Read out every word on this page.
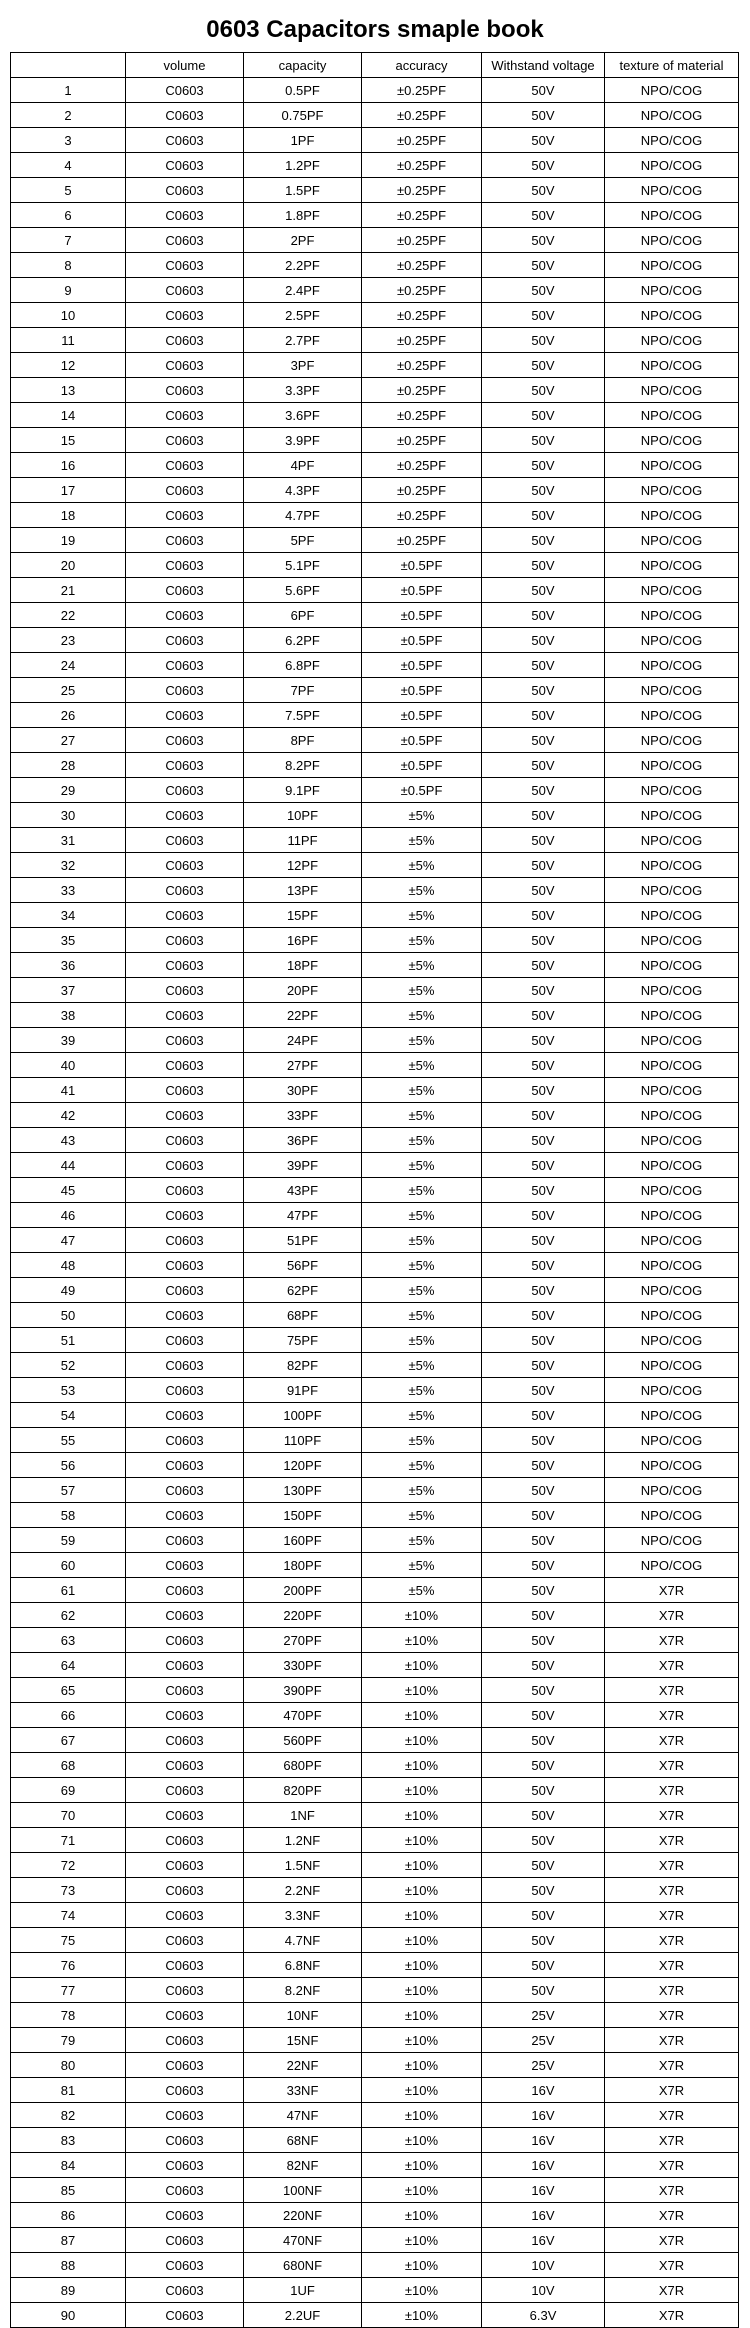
0603 Capacitors smaple book
	volume	capacity	accuracy	Withstand voltage	texture of material
1	C0603	0.5PF	±0.25PF	50V	NPO/COG
2	C0603	0.75PF	±0.25PF	50V	NPO/COG
3	C0603	1PF	±0.25PF	50V	NPO/COG
4	C0603	1.2PF	±0.25PF	50V	NPO/COG
5	C0603	1.5PF	±0.25PF	50V	NPO/COG
6	C0603	1.8PF	±0.25PF	50V	NPO/COG
7	C0603	2PF	±0.25PF	50V	NPO/COG
8	C0603	2.2PF	±0.25PF	50V	NPO/COG
9	C0603	2.4PF	±0.25PF	50V	NPO/COG
10	C0603	2.5PF	±0.25PF	50V	NPO/COG
11	C0603	2.7PF	±0.25PF	50V	NPO/COG
12	C0603	3PF	±0.25PF	50V	NPO/COG
13	C0603	3.3PF	±0.25PF	50V	NPO/COG
14	C0603	3.6PF	±0.25PF	50V	NPO/COG
15	C0603	3.9PF	±0.25PF	50V	NPO/COG
16	C0603	4PF	±0.25PF	50V	NPO/COG
17	C0603	4.3PF	±0.25PF	50V	NPO/COG
18	C0603	4.7PF	±0.25PF	50V	NPO/COG
19	C0603	5PF	±0.25PF	50V	NPO/COG
20	C0603	5.1PF	±0.5PF	50V	NPO/COG
21	C0603	5.6PF	±0.5PF	50V	NPO/COG
22	C0603	6PF	±0.5PF	50V	NPO/COG
23	C0603	6.2PF	±0.5PF	50V	NPO/COG
24	C0603	6.8PF	±0.5PF	50V	NPO/COG
25	C0603	7PF	±0.5PF	50V	NPO/COG
26	C0603	7.5PF	±0.5PF	50V	NPO/COG
27	C0603	8PF	±0.5PF	50V	NPO/COG
28	C0603	8.2PF	±0.5PF	50V	NPO/COG
29	C0603	9.1PF	±0.5PF	50V	NPO/COG
30	C0603	10PF	±5%	50V	NPO/COG
31	C0603	11PF	±5%	50V	NPO/COG
32	C0603	12PF	±5%	50V	NPO/COG
33	C0603	13PF	±5%	50V	NPO/COG
34	C0603	15PF	±5%	50V	NPO/COG
35	C0603	16PF	±5%	50V	NPO/COG
36	C0603	18PF	±5%	50V	NPO/COG
37	C0603	20PF	±5%	50V	NPO/COG
38	C0603	22PF	±5%	50V	NPO/COG
39	C0603	24PF	±5%	50V	NPO/COG
40	C0603	27PF	±5%	50V	NPO/COG
41	C0603	30PF	±5%	50V	NPO/COG
42	C0603	33PF	±5%	50V	NPO/COG
43	C0603	36PF	±5%	50V	NPO/COG
44	C0603	39PF	±5%	50V	NPO/COG
45	C0603	43PF	±5%	50V	NPO/COG
46	C0603	47PF	±5%	50V	NPO/COG
47	C0603	51PF	±5%	50V	NPO/COG
48	C0603	56PF	±5%	50V	NPO/COG
49	C0603	62PF	±5%	50V	NPO/COG
50	C0603	68PF	±5%	50V	NPO/COG
51	C0603	75PF	±5%	50V	NPO/COG
52	C0603	82PF	±5%	50V	NPO/COG
53	C0603	91PF	±5%	50V	NPO/COG
54	C0603	100PF	±5%	50V	NPO/COG
55	C0603	110PF	±5%	50V	NPO/COG
56	C0603	120PF	±5%	50V	NPO/COG
57	C0603	130PF	±5%	50V	NPO/COG
58	C0603	150PF	±5%	50V	NPO/COG
59	C0603	160PF	±5%	50V	NPO/COG
60	C0603	180PF	±5%	50V	NPO/COG
61	C0603	200PF	±5%	50V	X7R
62	C0603	220PF	±10%	50V	X7R
63	C0603	270PF	±10%	50V	X7R
64	C0603	330PF	±10%	50V	X7R
65	C0603	390PF	±10%	50V	X7R
66	C0603	470PF	±10%	50V	X7R
67	C0603	560PF	±10%	50V	X7R
68	C0603	680PF	±10%	50V	X7R
69	C0603	820PF	±10%	50V	X7R
70	C0603	1NF	±10%	50V	X7R
71	C0603	1.2NF	±10%	50V	X7R
72	C0603	1.5NF	±10%	50V	X7R
73	C0603	2.2NF	±10%	50V	X7R
74	C0603	3.3NF	±10%	50V	X7R
75	C0603	4.7NF	±10%	50V	X7R
76	C0603	6.8NF	±10%	50V	X7R
77	C0603	8.2NF	±10%	50V	X7R
78	C0603	10NF	±10%	25V	X7R
79	C0603	15NF	±10%	25V	X7R
80	C0603	22NF	±10%	25V	X7R
81	C0603	33NF	±10%	16V	X7R
82	C0603	47NF	±10%	16V	X7R
83	C0603	68NF	±10%	16V	X7R
84	C0603	82NF	±10%	16V	X7R
85	C0603	100NF	±10%	16V	X7R
86	C0603	220NF	±10%	16V	X7R
87	C0603	470NF	±10%	16V	X7R
88	C0603	680NF	±10%	10V	X7R
89	C0603	1UF	±10%	10V	X7R
90	C0603	2.2UF	±10%	6.3V	X7R
